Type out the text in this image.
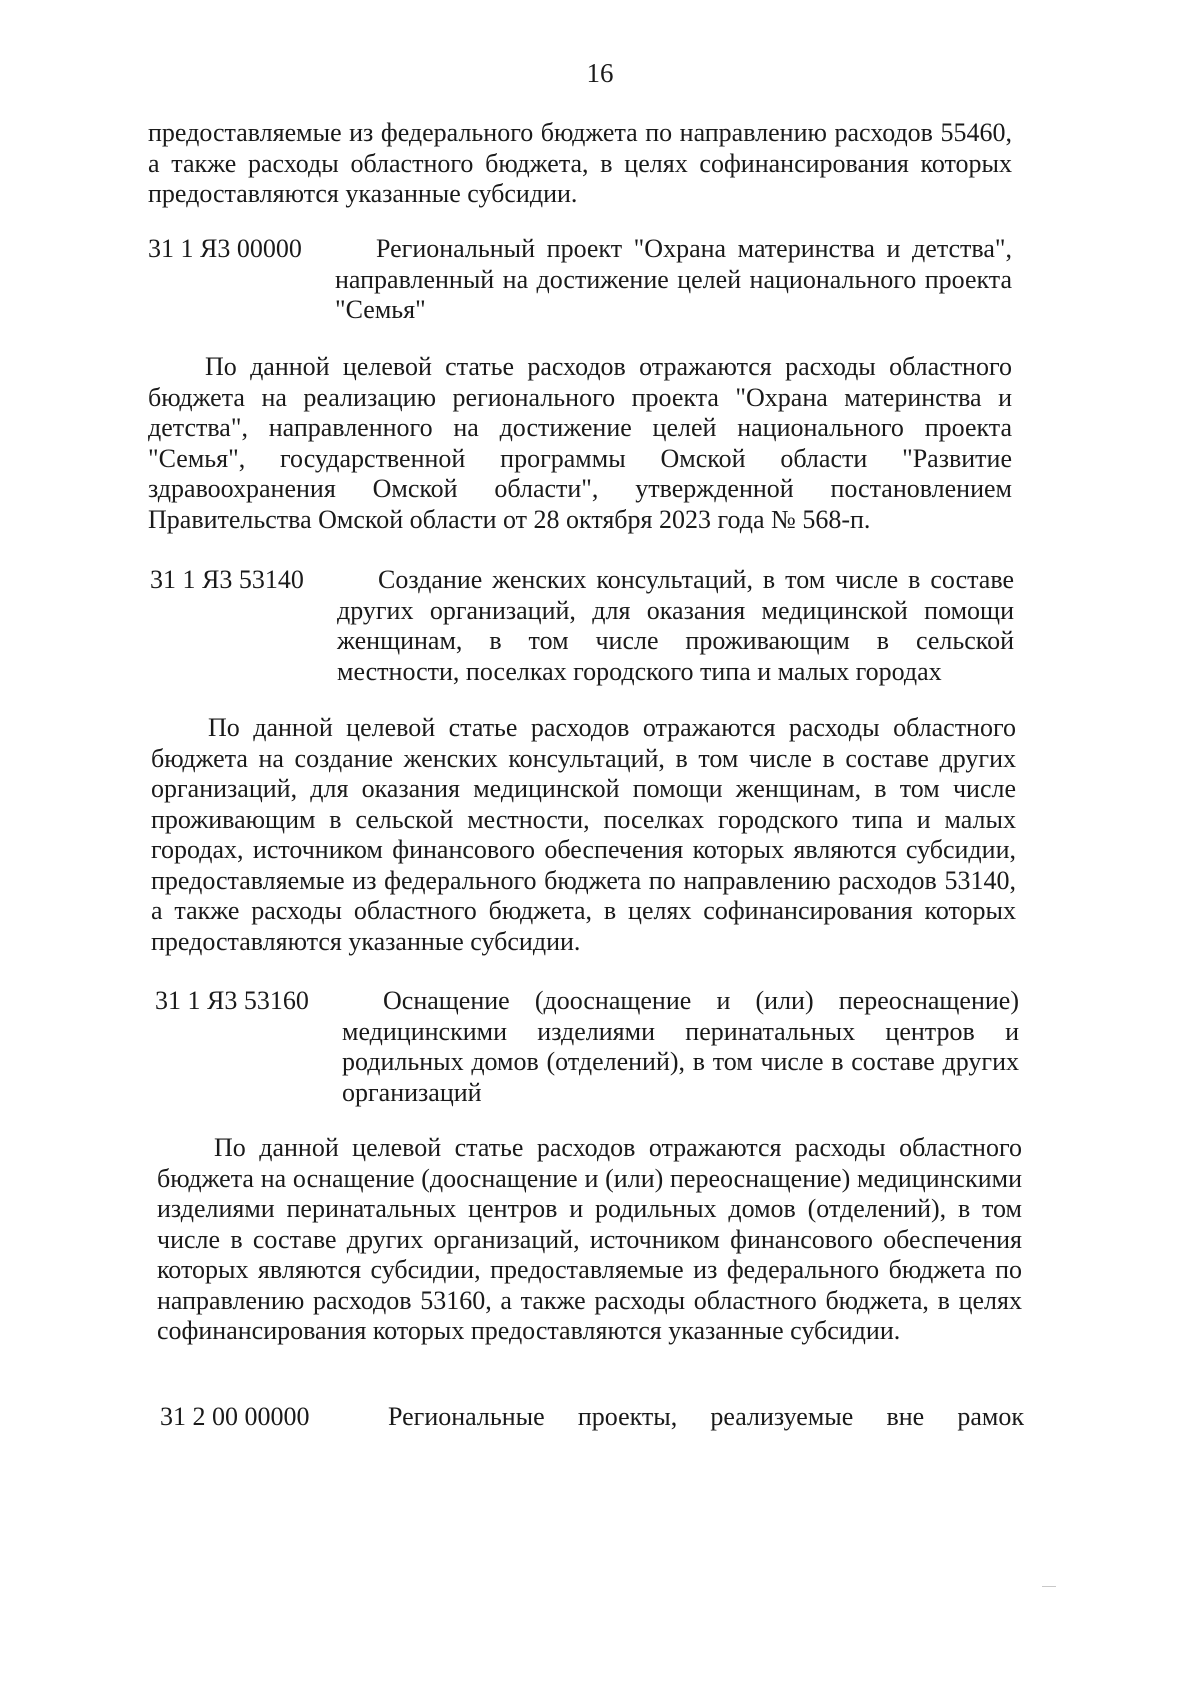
16

предоставляемые из федерального бюджета по направлению расходов 55460, а также расходы областного бюджета, в целях софинансирования которых предоставляются указанные субсидии.

31 1 Я3 00000	Региональный проект "Охрана материнства и детства", направленный на достижение целей национального проекта "Семья"

По данной целевой статье расходов отражаются расходы областного бюджета на реализацию регионального проекта "Охрана материнства и детства", направленного на достижение целей национального проекта "Семья", государственной программы Омской области "Развитие здравоохранения Омской области", утвержденной постановлением Правительства Омской области от 28 октября 2023 года № 568-п.

31 1 Я3 53140	Создание женских консультаций, в том числе в составе других организаций, для оказания медицинской помощи женщинам, в том числе проживающим в сельской местности, поселках городского типа и малых городах

По данной целевой статье расходов отражаются расходы областного бюджета на создание женских консультаций, в том числе в составе других организаций, для оказания медицинской помощи женщинам, в том числе проживающим в сельской местности, поселках городского типа и малых городах, источником финансового обеспечения которых являются субсидии, предоставляемые из федерального бюджета по направлению расходов 53140, а также расходы областного бюджета, в целях софинансирования которых предоставляются указанные субсидии.

31 1 Я3 53160	Оснащение (дооснащение и (или) переоснащение) медицинскими изделиями перинатальных центров и родильных домов (отделений), в том числе в составе других организаций

По данной целевой статье расходов отражаются расходы областного бюджета на оснащение (дооснащение и (или) переоснащение) медицинскими изделиями перинатальных центров и родильных домов (отделений), в том числе в составе других организаций, источником финансового обеспечения которых являются субсидии, предоставляемые из федерального бюджета по направлению расходов 53160, а также расходы областного бюджета, в целях софинансирования которых предоставляются указанные субсидии.

31 2 00 00000	Региональные проекты, реализуемые вне рамок
